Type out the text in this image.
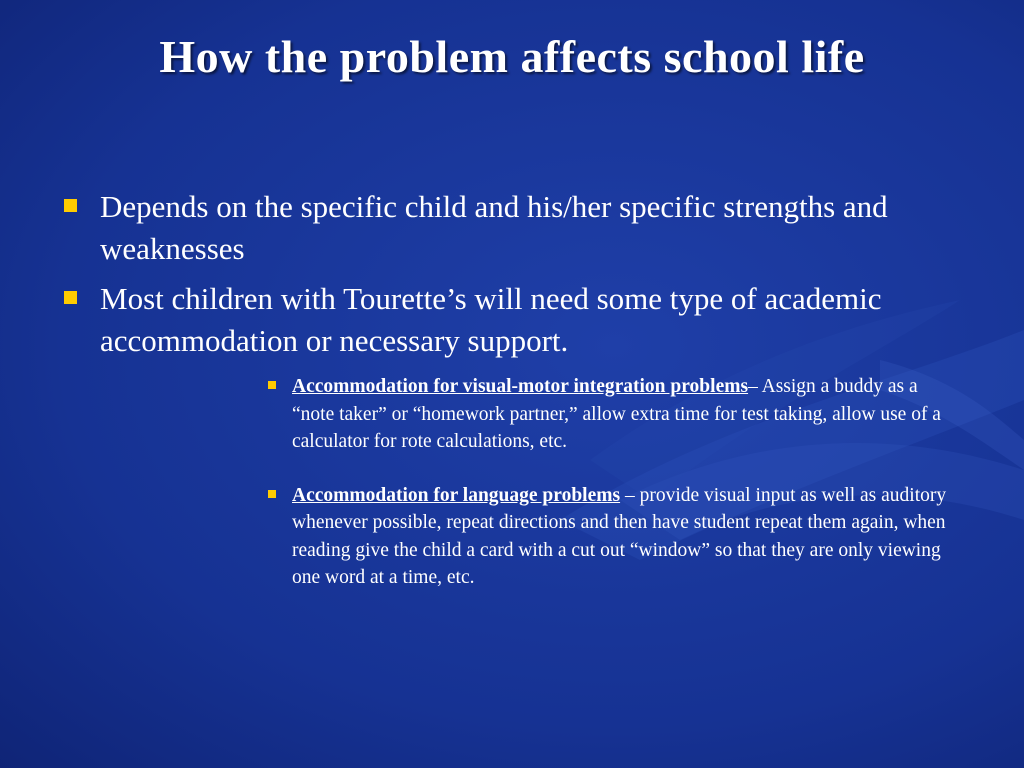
How the problem affects school life
Depends on the specific child and his/her specific strengths and weaknesses
Most children with Tourette’s will need some type of academic accommodation or necessary support.
Accommodation for visual-motor integration problems– Assign a buddy as a “note taker” or “homework partner,” allow extra time for test taking, allow use of a calculator for rote calculations, etc.
Accommodation for language problems – provide visual input as well as auditory whenever possible, repeat directions and then have student repeat them again, when reading give the child a card with a cut out “window” so that they are only viewing one word at a time, etc.
